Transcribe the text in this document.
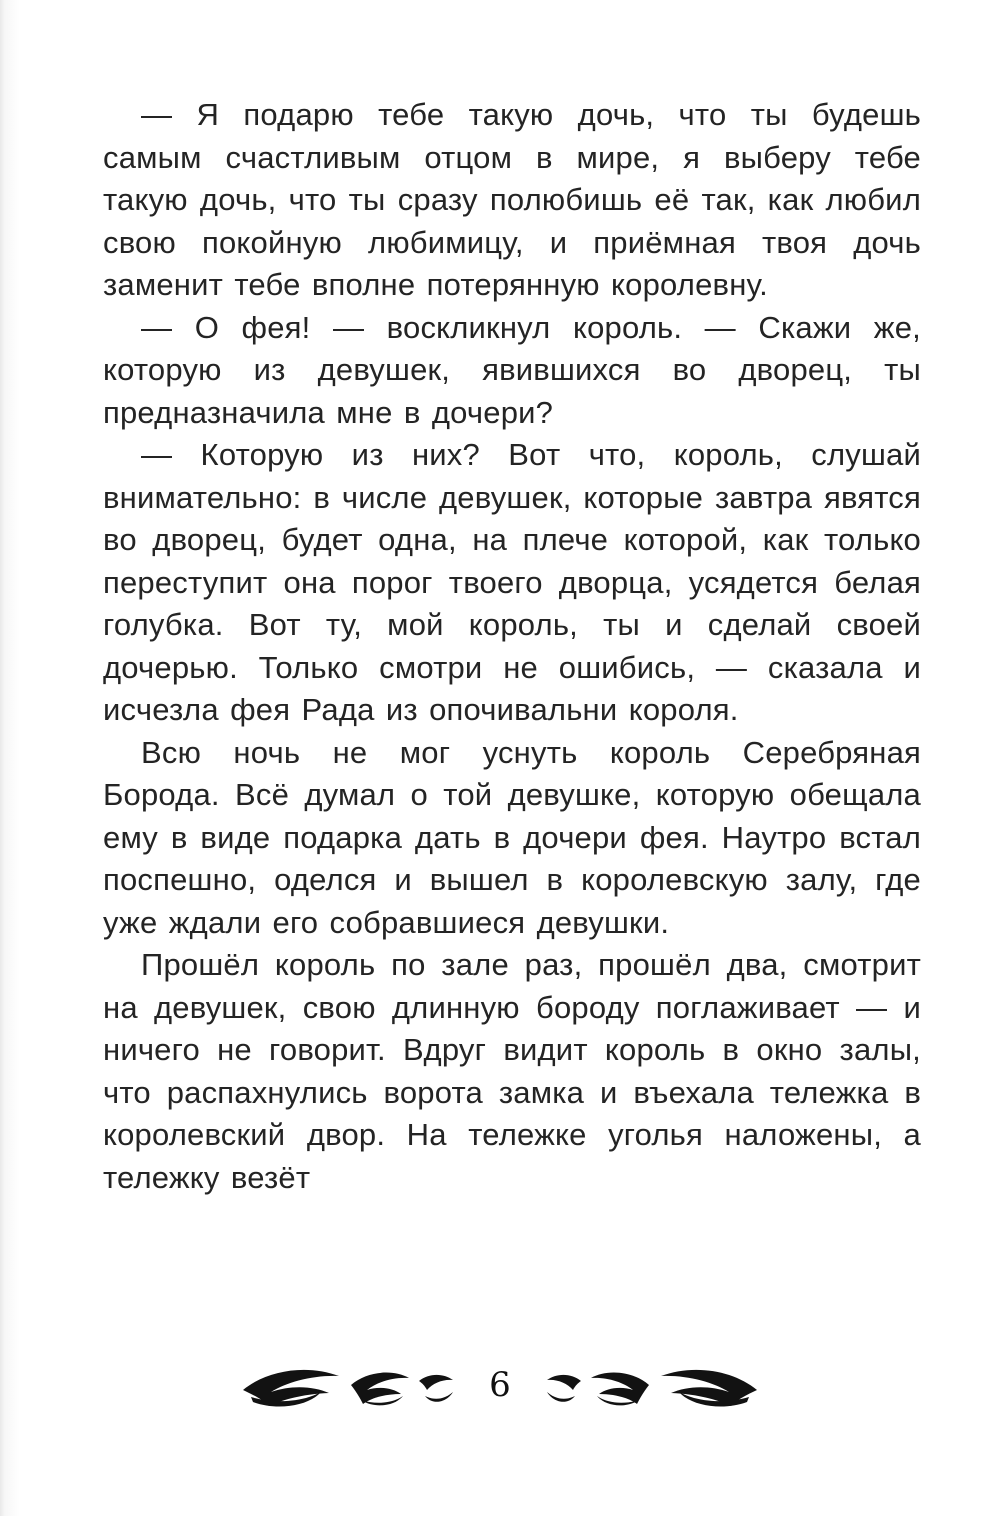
— Я подарю тебе такую дочь, что ты будешь самым счастливым отцом в мире, я выберу тебе такую дочь, что ты сразу полюбишь её так, как любил свою покойную любимицу, и приёмная твоя дочь заменит тебе вполне потерянную королевну.

— О фея! — воскликнул король. — Скажи же, которую из девушек, явившихся во дворец, ты предназначила мне в дочери?

— Которую из них? Вот что, король, слушай внимательно: в числе девушек, которые завтра явятся во дворец, будет одна, на плече которой, как только переступит она порог твоего дворца, усядется белая голубка. Вот ту, мой король, ты и сделай своей дочерью. Только смотри не ошибись, — сказала и исчезла фея Рада из опочивальни короля.

Всю ночь не мог уснуть король Серебряная Борода. Всё думал о той девушке, которую обещала ему в виде подарка дать в дочери фея. Наутро встал поспешно, оделся и вышел в королевскую залу, где уже ждали его собравшиеся девушки.

Прошёл король по зале раз, прошёл два, смотрит на девушек, свою длинную бороду поглаживает — и ничего не говорит. Вдруг видит король в окно залы, что распахнулись ворота замка и въехала тележка в королевский двор. На тележке уголья наложены, а тележку везёт

6
